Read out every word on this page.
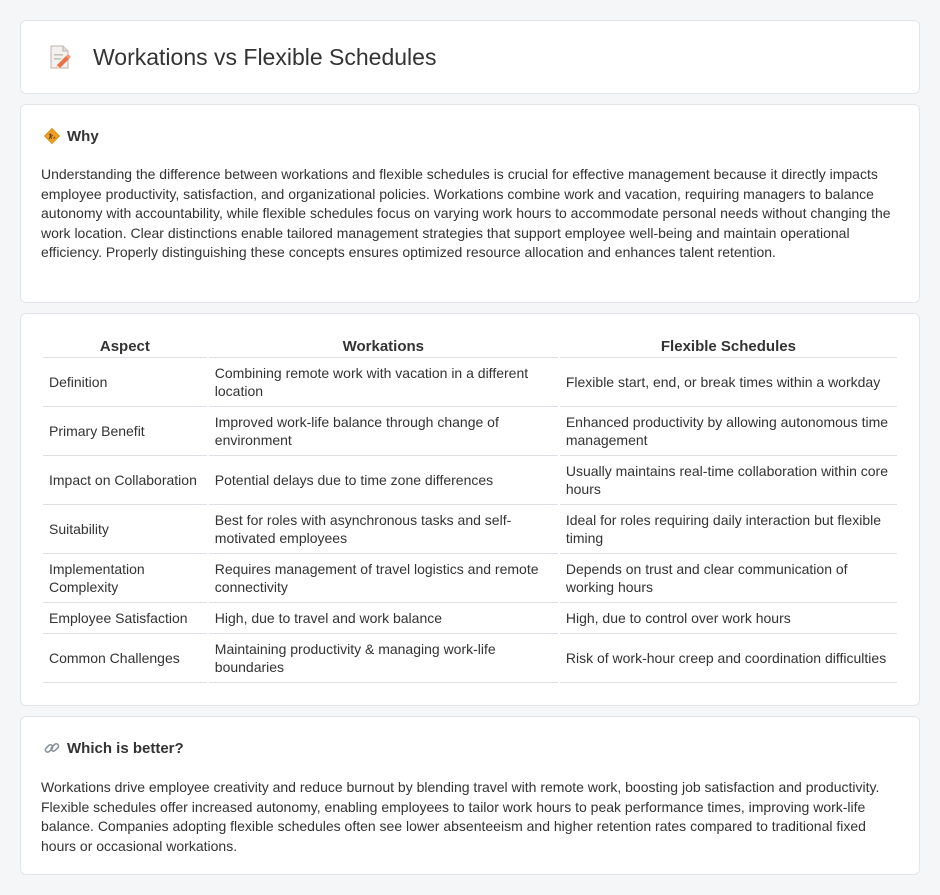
Workations vs Flexible Schedules
Why

Understanding the difference between workations and flexible schedules is crucial for effective management because it directly impacts employee productivity, satisfaction, and organizational policies. Workations combine work and vacation, requiring managers to balance autonomy with accountability, while flexible schedules focus on varying work hours to accommodate personal needs without changing the work location. Clear distinctions enable tailored management strategies that support employee well-being and maintain operational efficiency. Properly distinguishing these concepts ensures optimized resource allocation and enhances talent retention.

Aspect	Workations	Flexible Schedules
Definition	Combining remote work with vacation in a different location	Flexible start, end, or break times within a workday
Primary Benefit	Improved work-life balance through change of environment	Enhanced productivity by allowing autonomous time management
Impact on Collaboration	Potential delays due to time zone differences	Usually maintains real-time collaboration within core hours
Suitability	Best for roles with asynchronous tasks and self-motivated employees	Ideal for roles requiring daily interaction but flexible timing
Implementation Complexity	Requires management of travel logistics and remote connectivity	Depends on trust and clear communication of working hours
Employee Satisfaction	High, due to travel and work balance	High, due to control over work hours
Common Challenges	Maintaining productivity & managing work-life boundaries	Risk of work-hour creep and coordination difficulties
Which is better?

Workations drive employee creativity and reduce burnout by blending travel with remote work, boosting job satisfaction and productivity. Flexible schedules offer increased autonomy, enabling employees to tailor work hours to peak performance times, improving work-life balance. Companies adopting flexible schedules often see lower absenteeism and higher retention rates compared to traditional fixed hours or occasional workations.
